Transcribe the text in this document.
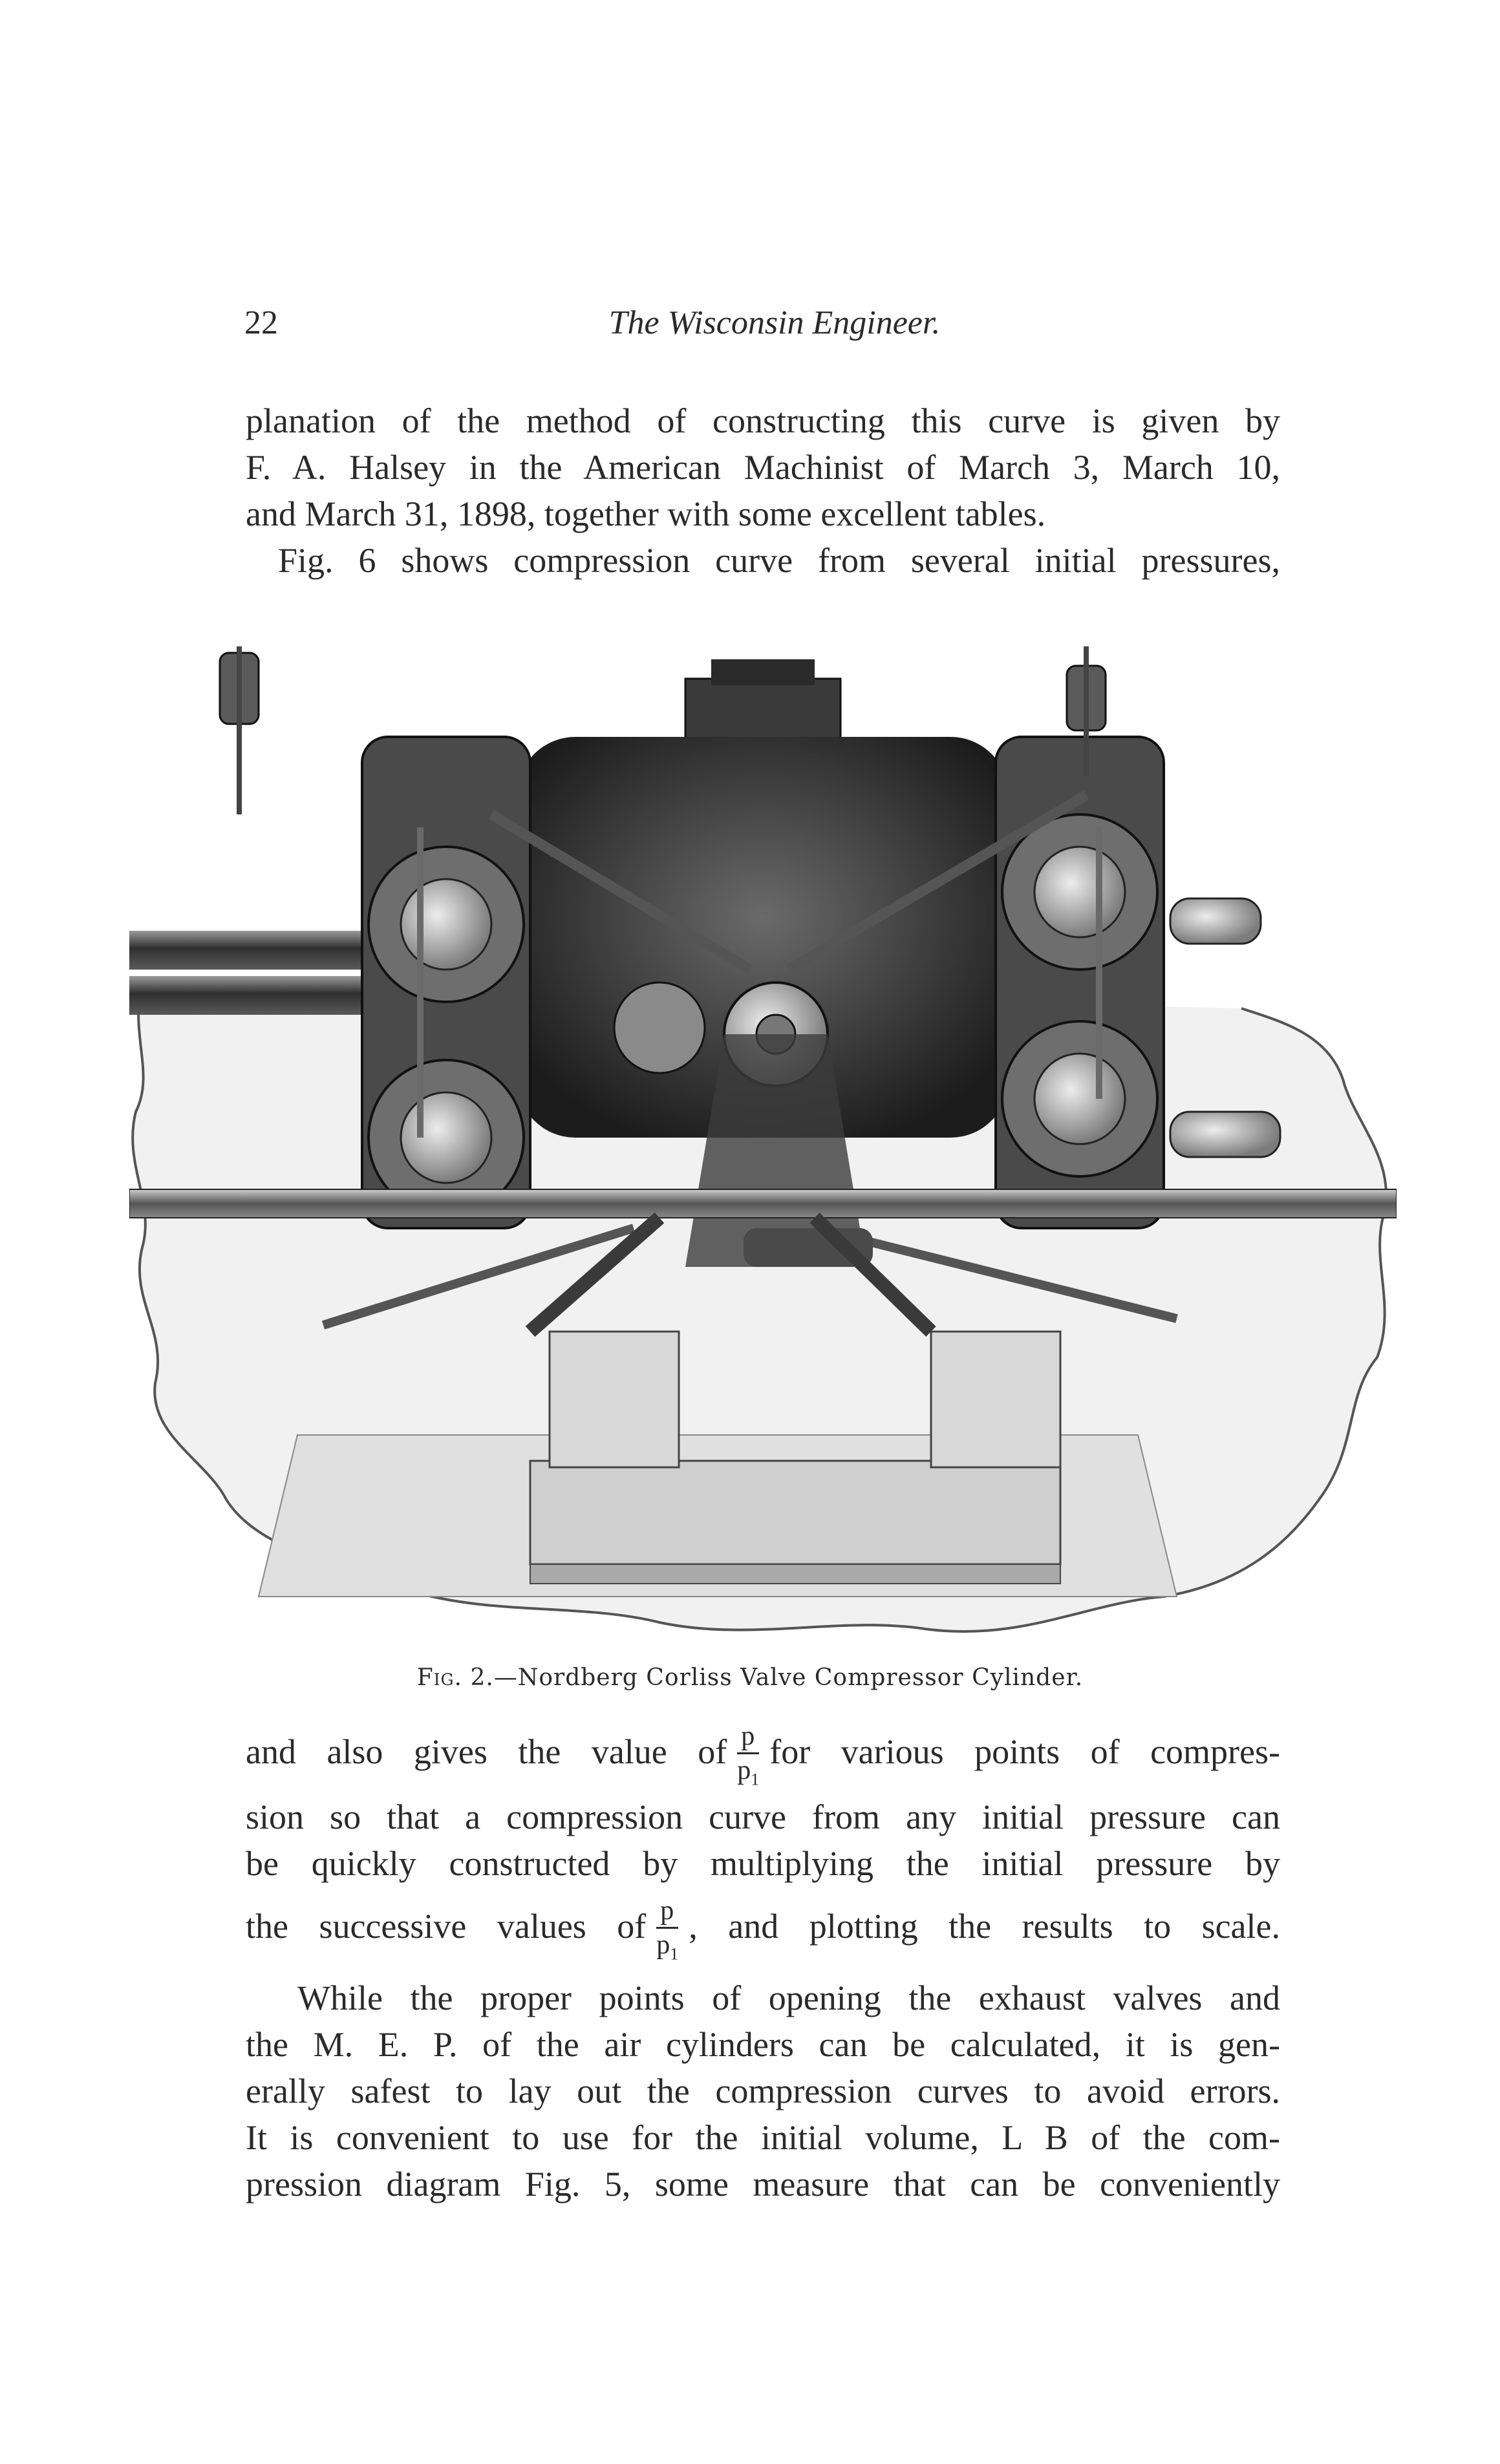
22	The Wisconsin Engineer.
planation of the method of constructing this curve is given by
F. A. Halsey in the American Machinist of March 3, March 10,
and March 31, 1898, together with some excellent tables.
Fig. 6 shows compression curve from several initial pressures,
Fig. 2.—Nordberg Corliss Valve Compressor Cylinder.
and also gives the value of $\frac{p}{p_1}$ for various points of compres-
sion so that a compression curve from any initial pressure can
be quickly constructed by multiplying the initial pressure by
the successive values of $\frac{p}{p_1}$ , and plotting the results to scale.
While the proper points of opening the exhaust valves and
the M. E. P. of the air cylinders can be calculated, it is gen-
erally safest to lay out the compression curves to avoid errors.
It is convenient to use for the initial volume, L B of the com-
pression diagram Fig. 5, some measure that can be conveniently
